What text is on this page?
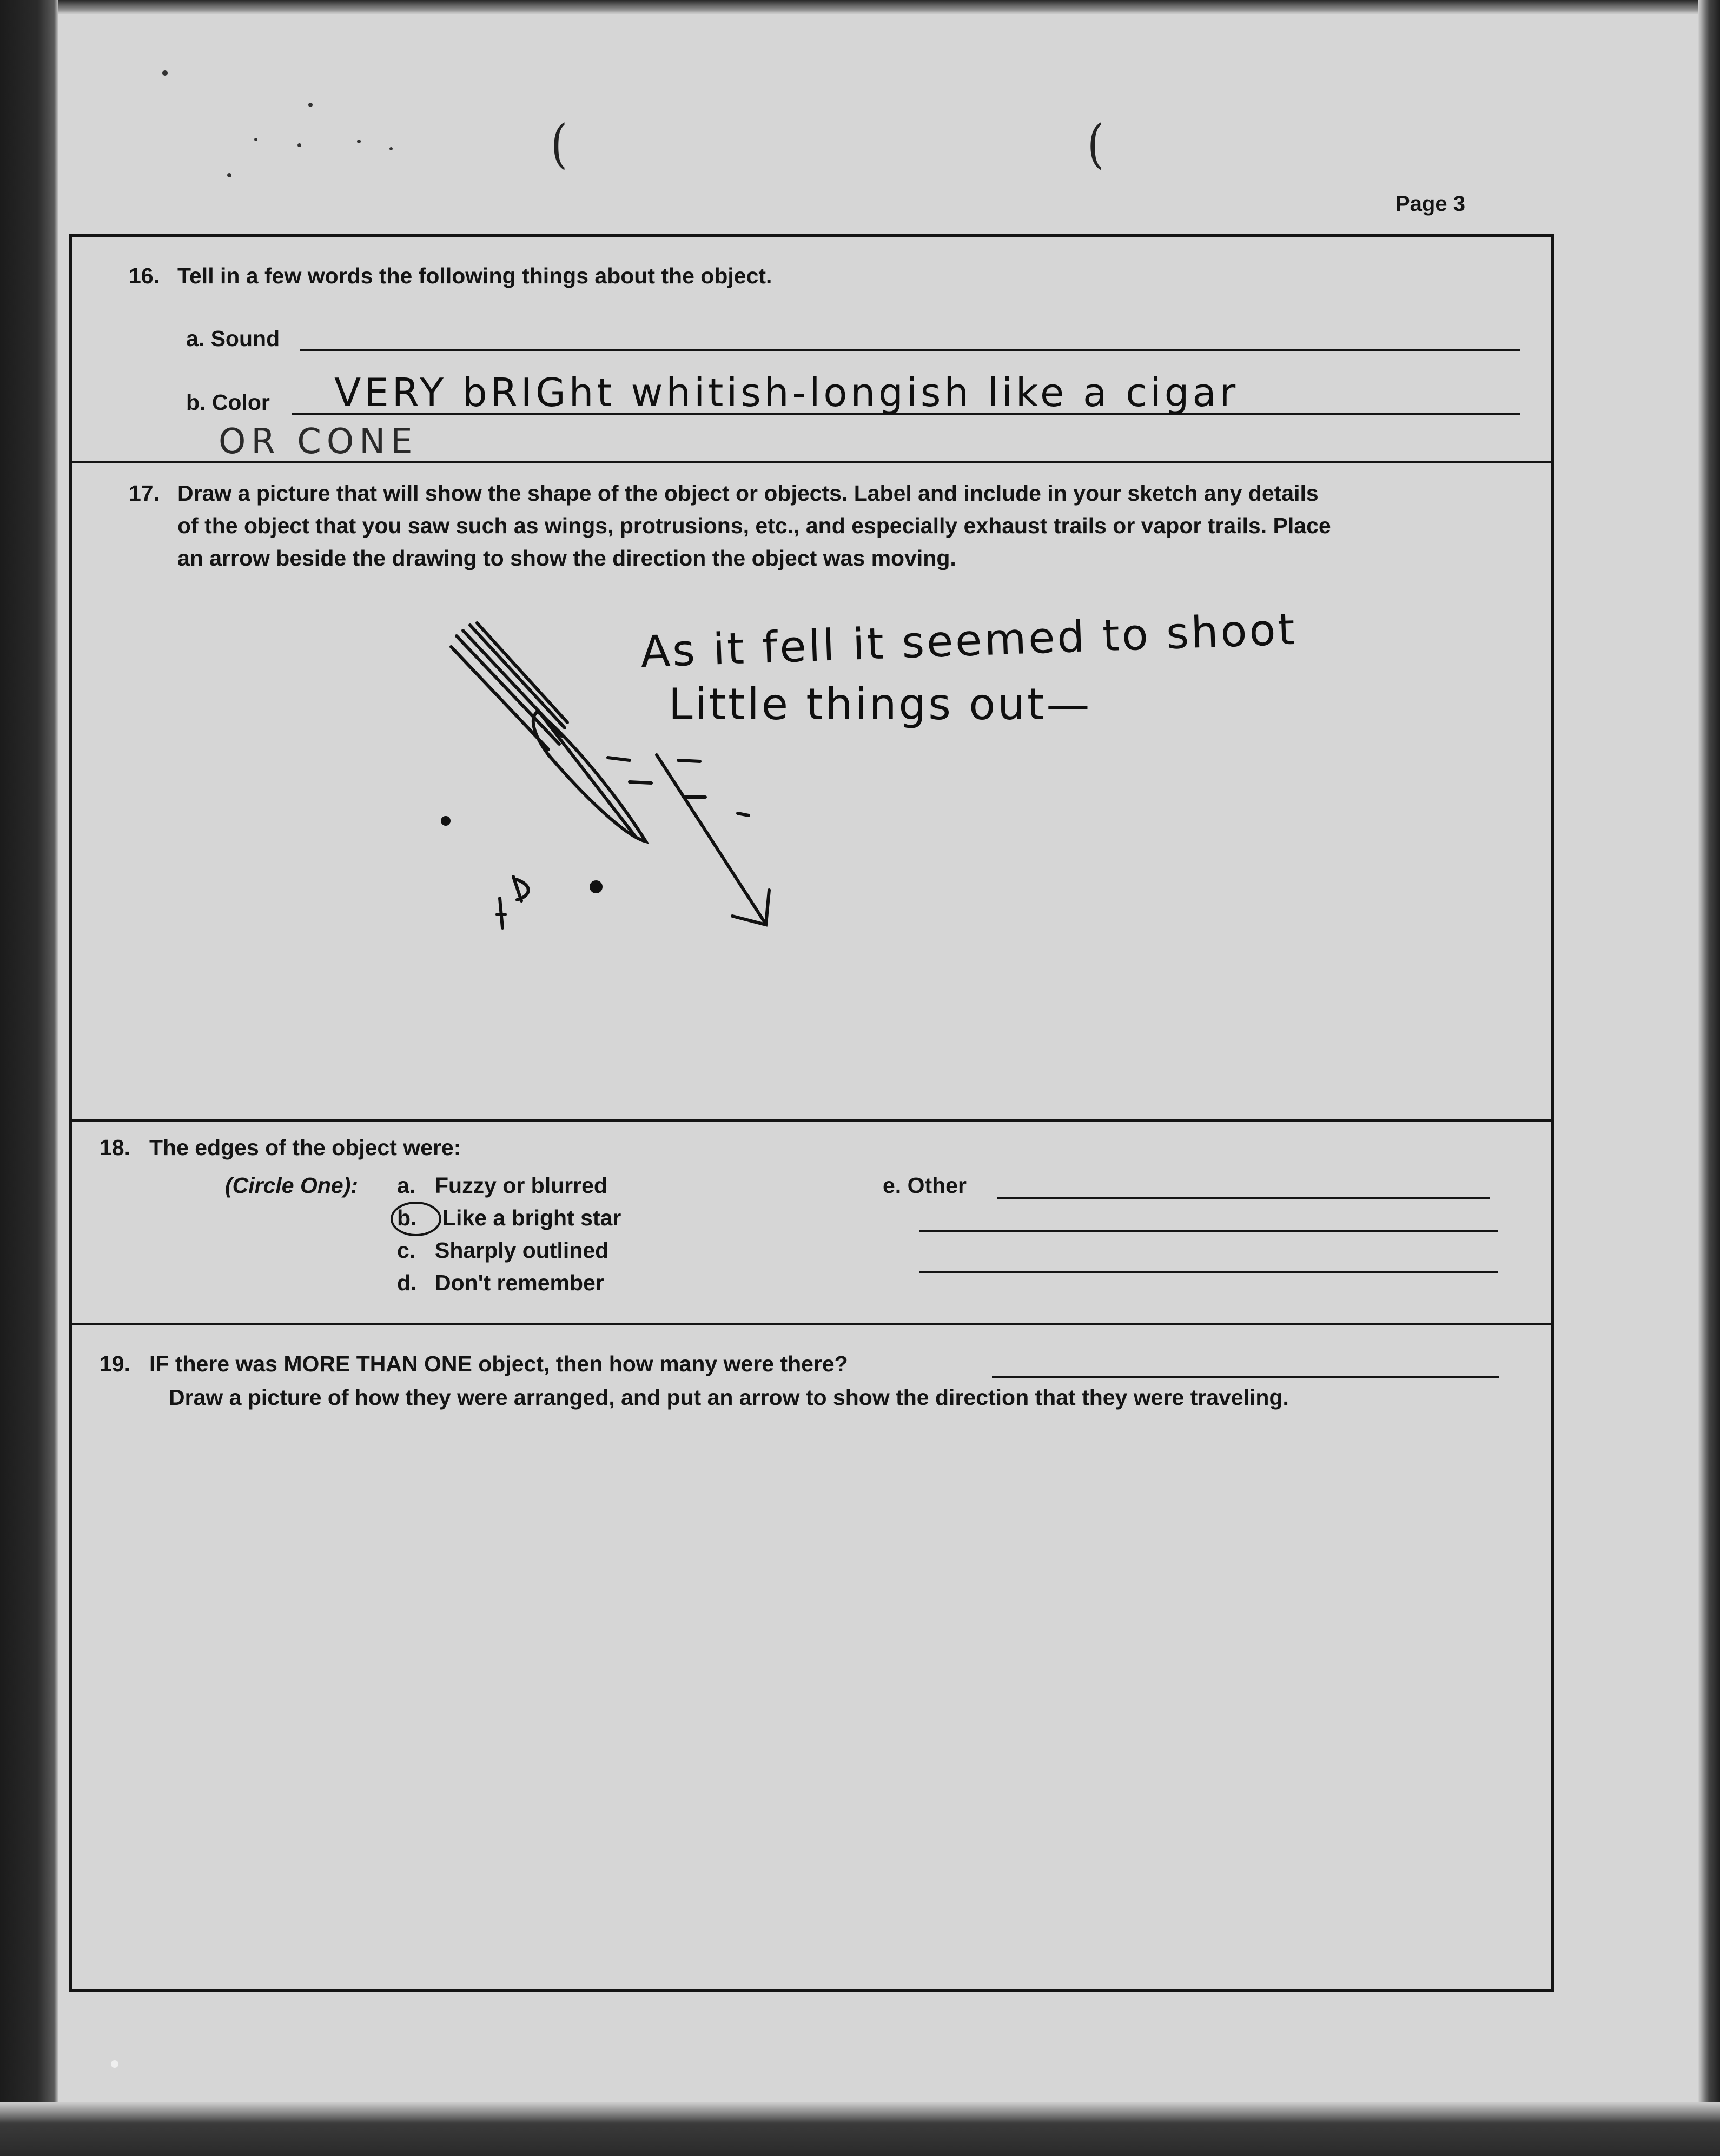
(	(
Page 3
16. Tell in a few words the following things about the object.
a. Sound
b. Color VERY bRIGht whitish-longish like a cigar
OR CONE
17. Draw a picture that will show the shape of the object or objects. Label and include in your sketch any details
of the object that you saw such as wings, protrusions, etc., and especially exhaust trails or vapor trails. Place
an arrow beside the drawing to show the direction the object was moving.
As it fell it seemed to shoot
Little things out—
18. The edges of the object were:
(Circle One): a. Fuzzy or blurred
b. Like a bright star
c. Sharply outlined
d. Don't remember
e. Other
19. IF there was MORE THAN ONE object, then how many were there?
Draw a picture of how they were arranged, and put an arrow to show the direction that they were traveling.
